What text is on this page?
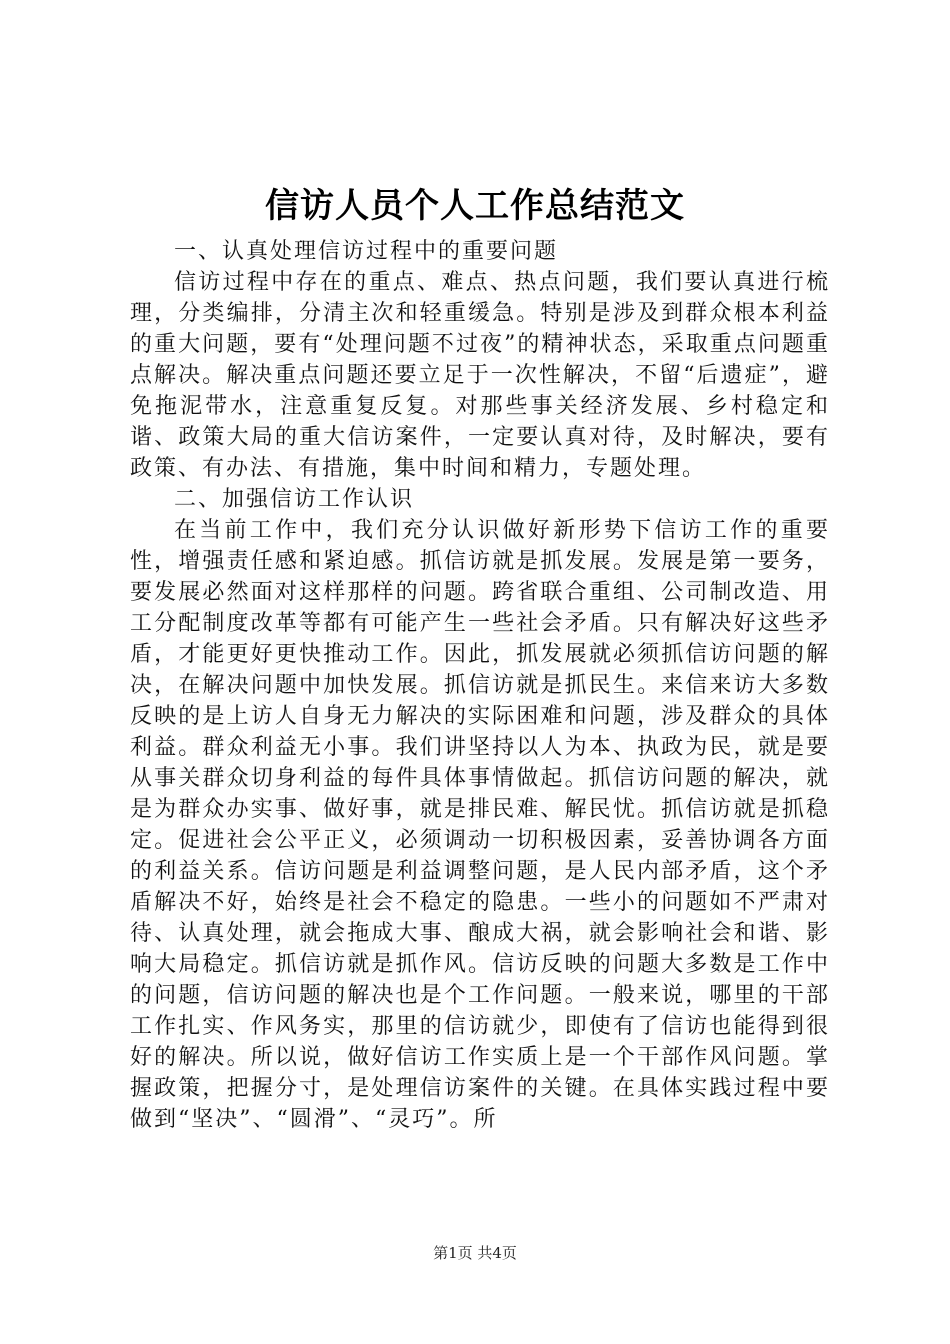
信访人员个人工作总结范文

一、认真处理信访过程中的重要问题

信访过程中存在的重点、难点、热点问题，我们要认真进行梳理，分类编排，分清主次和轻重缓急。特别是涉及到群众根本利益的重大问题，要有“处理问题不过夜”的精神状态，采取重点问题重点解决。解决重点问题还要立足于一次性解决，不留“后遗症”，避免拖泥带水，注意重复反复。对那些事关经济发展、乡村稳定和谐、政策大局的重大信访案件，一定要认真对待，及时解决，要有政策、有办法、有措施，集中时间和精力，专题处理。

二、加强信访工作认识

在当前工作中，我们充分认识做好新形势下信访工作的重要性，增强责任感和紧迫感。抓信访就是抓发展。发展是第一要务，要发展必然面对这样那样的问题。跨省联合重组、公司制改造、用工分配制度改革等都有可能产生一些社会矛盾。只有解决好这些矛盾，才能更好更快推动工作。因此，抓发展就必须抓信访问题的解决，在解决问题中加快发展。抓信访就是抓民生。来信来访大多数反映的是上访人自身无力解决的实际困难和问题，涉及群众的具体利益。群众利益无小事。我们讲坚持以人为本、执政为民，就是要从事关群众切身利益的每件具体事情做起。抓信访问题的解决，就是为群众办实事、做好事，就是排民难、解民忧。抓信访就是抓稳定。促进社会公平正义，必须调动一切积极因素，妥善协调各方面的利益关系。信访问题是利益调整问题，是人民内部矛盾，这个矛盾解决不好，始终是社会不稳定的隐患。一些小的问题如不严肃对待、认真处理，就会拖成大事、酿成大祸，就会影响社会和谐、影响大局稳定。抓信访就是抓作风。信访反映的问题大多数是工作中的问题，信访问题的解决也是个工作问题。一般来说，哪里的干部工作扎实、作风务实，那里的信访就少，即使有了信访也能得到很好的解决。所以说，做好信访工作实质上是一个干部作风问题。掌握政策，把握分寸，是处理信访案件的关键。在具体实践过程中要做到“坚决”、“圆滑”、“灵巧”。所

第1页 共4页
